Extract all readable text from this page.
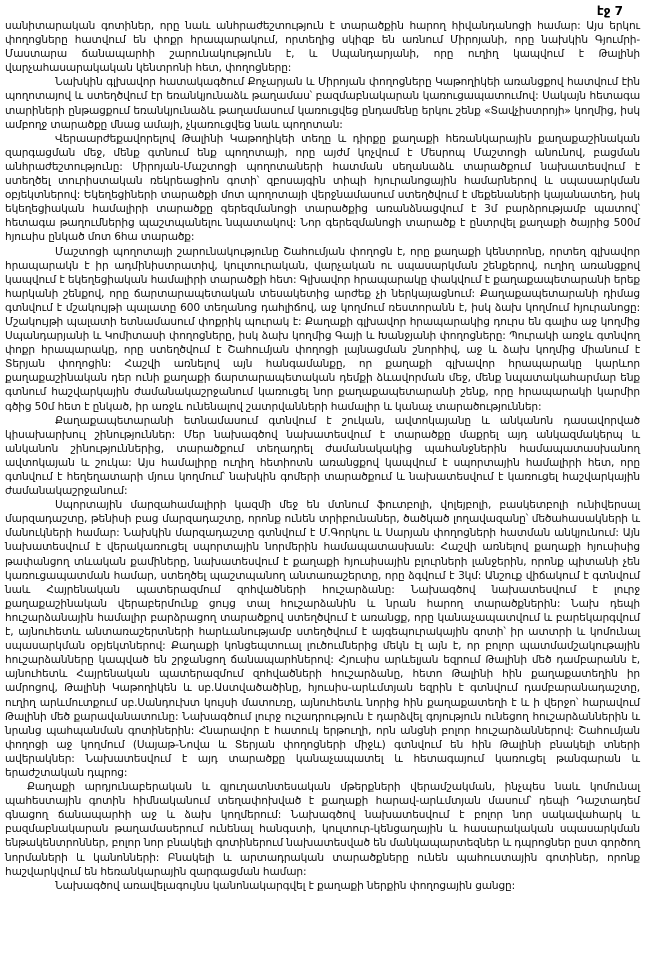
էջ 7

սանիտարական գոտիներ, որը նաև անհրաժեշտություն է տարածքին հարող հիվանդանոցի համար: Այս երկու փողոցները հատվում են փոքր հրապարակում, որտեղից սկիզբ են առնում Միրոյանի, որը նախկին Գյումրի-Մաստարա ճանապարհի շարունակությունն է, և Սպանդարյանի, որը ուղիղ կապվում է Թալինի վարչահասարակական կենտրոնի հետ, փողոցները:

Նախկին գլխավոր հատակագծում Քոչարյան և Միրոյան փողոցները Կաթողիկեի առանցքով հատվում էին պողոտայով և ստեղծվում էր եռանկյունաձև թաղամաս՝ բազմաբնակարան կառուցապատումով: Սակայն հետագա տարիների ընթացքում եռանկյունաձև թաղամասում կառուցվեց ընդամենը երկու շենք «Տավչիստրոյի» կողմից, իսկ ամբողջ տարածքը մնաց ամայի, չկառուցվեց նաև պողոտան:

Վերաարժեքավորելով Թալինի Կաթողիկեի տեղը և դիրքը քաղաքի հեռանկարային քաղաքաշինական զարգացման մեջ, մենք գտնում ենք պողոտայի, որը այժմ կոչվում է Մեսրոպ Մաշտոցի անունով, բացման անհրաժեշտությունը: Միրոյան-Մաշտոցի պողոտաների հատման սեղանաձև տարածքում նախատեսվում է ստեղծել տուրիստական ռեկրեացիոն գոտի՝ զբոսայգին տիպի հյուրանոցային համարներով և սպասարկման օբյեկտներով: Եկեղեցիների տարածքի մոտ պողոտայի վերջնամասում ստեղծվում է մեքենաների կայանատեղ, իսկ եկեղեցիական համալիրի տարածքը գերեզմանոցի տարածքից առանձնացվում է 3մ բարձրությամբ պատով՝ հետագա թաղումներից պաշտպանելու նպատակով: Նոր գերեզմանոցի տարածք է ընտրվել քաղաքի ծայրից 500մ հյուսիս ընկած մոտ 6հա տարածք:

Մաշտոցի պողոտայի շարունակությունը Շահումյան փողոցն է, որը քաղաքի կենտրոնը, որտեղ գլխավոր հրապարակն է իր ադմինիստրատիվ, կուլտուրական, վարչական ու սպասարկման շենքերով, ուղիղ առանցքով կապվում է եկեղեցիական համալիրի տարածքի հետ: Գլխավոր հրապարակը փակվում է քաղաքապետարանի երեք հարկանի շենքով, որը ճարտարապետական տեսակետից արժեք չի ներկայացնում: Քաղաքապետարանի դիմաց գտնվում է մշակույթի պալատը 600 տեղանոց դահլիճով, աջ կողմում ռեստորանն է, իսկ ձախ կողմում հյուրանոցը: Մշակույթի պալատի ետնամասում փոքրիկ պուրակ է: Քաղաքի գլխավոր հրապարակից դուրս են գալիս աջ կողմից Սպանդարյանի և Կոմիտասի փողոցները, իսկ ձախ կողմից Գայի և Խանջյանի փողոցները: Պուրակի առջև գտնվող փոքր հրապարակը, որը ստեղծվում է Շահումյան փողոցի լայնացման շնորհիվ, աջ և ձախ կողմից միանում է Տերյան փողոցին: Հաշվի առնելով այն հանգամանքը, որ քաղաքի գլխավոր հրապարակը կարևոր քաղաքաշինական դեր ունի քաղաքի ճարտարապետական դեմքի ձևավորման մեջ, մենք նպատակահարմար ենք գտնում հաշվարկային ժամանակաշրջանում կառուցել նոր քաղաքապետարանի շենք, որը հրապարակի կարմիր գծից 50մ հետ է ընկած, իր առջև ունենալով շատրվանների համալիր և կանաչ տարածություններ:

Քաղաքապետարանի ետնամասում գտնվում է շուկան, ավտոկայանը և անկանոն դասավորված կիսախարխուլ շինություններ: Մեր նախագծով նախատեսվում է տարածքը մաքրել այդ անկազմակերպ և անկանոն շինություններից, տարածքում տեղադրել ժամանակակից պահանջներին համապատասխանող ավտոկայան և շուկա: Այս համալիրը ուղիղ հետիոտն առանցքով կապվում է սպորտային համալիրի հետ, որը գտնվում է հեղեղատարի մյուս կողմում՝ նախկին գոմերի տարածքում և նախատեսվում է կառուցել հաշվարկային ժամանակաշրջանում:

Սպորտային մարզահամալիրի կազմի մեջ են մտնում ֆուտբոլի, վոլեյբոլի, բասկետբոլի ունիվերսալ մարզադաշտը, թենիսի բաց մարզադաշտը, որոնք ունեն տրիբունաներ, ծածկած լողավազանը՝ մեծահասակների և մանուկների համար: Նախկին մարզադաշտը գտնվում է Մ.Գորկու և Սարյան փողոցների հատման անկյունում: Այն նախատեսվում է վերակառուցել սպորտային նորմերին համապատասխան: Հաշվի առնելով քաղաքի հյուսիսից թափանցող տևական քամիները, նախատեսվում է քաղաքի հյուսիսային բլուրների լանջերին, որոնք պիտանի չեն կառուցապատման համար, ստեղծել պաշտպանող անտառաշերտը, որը ձգվում է 3կմ: Անշուք վիճակում է գտնվում նաև Հայրենական պատերազմում զոհվածների հուշարձանը: Նախագծով նախատեսվում է լուրջ քաղաքաշինական վերաբերմունք ցույց տալ հուշարձանին և նրան հարող տարածքներին: Նախ դեպի հուշարձանային համալիր բարձրացող տարածքով ստեղծվում է առանցք, որը կանաչապատվում և բարեկարգվում է, այնուհետև անտառաշերտների հարևանությամբ ստեղծվում է այգեպուրակային գոտի՝ իր ատտրի և կոմունալ սպասարկման օբյեկտներով: Քաղաքի կոնցեպտուալ լուծումներից մեկն էլ այն է, որ բոլոր պատմամշակութային հուշարձանները կապված են շրջանցող ճանապարհներով: Հյուսիս արևելյան եզրում Թալինի մեծ դամբարանն է, այնուհետև Հայրենական պատերազմում զոհվածների հուշարձանը, հետո Թալինի հին քաղաքատեղին իր ամրոցով, Թալինի Կաթողիկեն և սբ.Աստվածածինը, հյուսիս-արևմտյան եզրին է գտնվում դամբարանադաշտը, ուղիղ արևմուտքում սբ.Սանդուխտ կույսի մատուռը, այնուհետև նորից հին քաղաքատեղի է և ի վերջո՝ հարավում Թալինի մեծ քարավանատունը: Նախագծում լուրջ ուշադրություն է դարձվել գոյություն ունեցող հուշարձաններին և նրանց պահպանման գոտիներին: Հնարավոր է հատուկ երթուղի, որն անցնի բոլոր հուշարձաններով: Շահումյան փողոցի աջ կողմում (Սայաթ-Նովա և Տերյան փողոցների միջև) գտնվում են հին Թալինի բնակելի տների ավերակներ: Նախատեսվում է այդ տարածքը կանաչապատել և հետագայում կառուցել թանգարան և երաժշտական դպրոց:

Քաղաքի արդյունաբերական և գյուղատնտեսական մթերքների վերամշակման, ինչպես նաև կոմունալ պահեստային գոտին հիմնականում տեղափոխված է քաղաքի հարավ-արևմտյան մասում՝ դեպի Դաշտադեմ գնացող ճանապարհի աջ և ձախ կողմերում: Նախագծով նախատեսվում է բոլոր նոր սակավահարկ և բազմաբնակարան թաղամասերում ունենալ հանգստի, կուլտուր-կենցաղային և հասարակական սպասարկման ենթակենտրոններ, բոլոր նոր բնակելի գոտիներում նախատեսված են մանկապարտեզներ և դպրոցներ ըստ գործող նորմաների և կանոնների: Բնակելի և արտադրական տարածքները ունեն պահուստային գոտիներ, որոնք հաշվարկվում են հեռանկարային զարգացման համար:

Նախագծով առավելագույնս կանոնակարգվել է քաղաքի ներքին փողոցային ցանցը:
